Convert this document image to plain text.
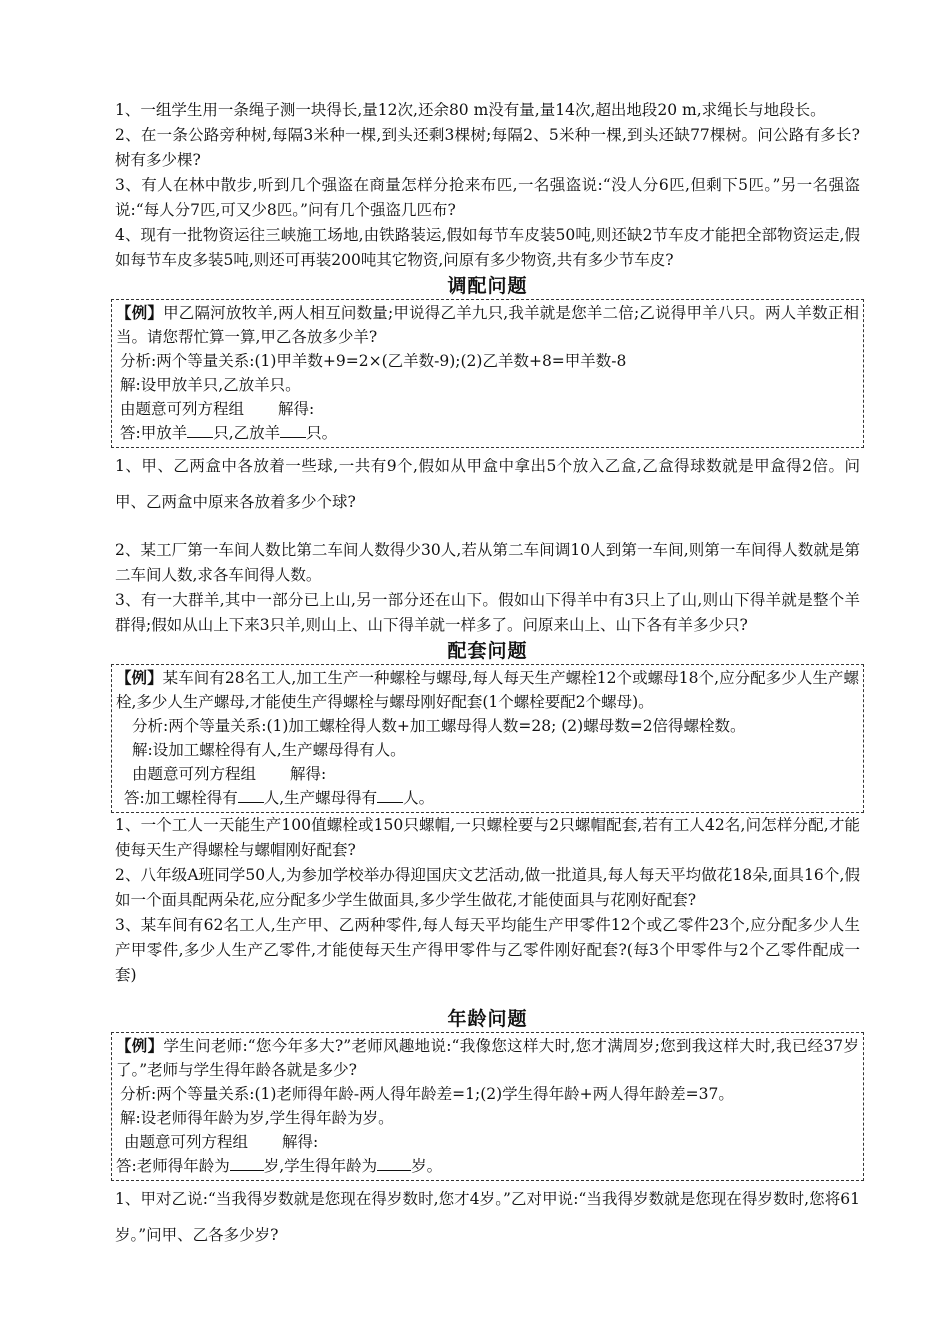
1、一组学生用一条绳子测一块得长,量12次,还余80 m没有量,量14次,超出地段20 m,求绳长与地段长。

2、在一条公路旁种树,每隔3米种一棵,到头还剩3棵树;每隔2、5米种一棵,到头还缺77棵树。问公路有多长?树有多少棵?

3、有人在林中散步,听到几个强盗在商量怎样分抢来布匹,一名强盗说:“没人分6匹,但剩下5匹。”另一名强盗说:“每人分7匹,可又少8匹。”问有几个强盗几匹布?

4、现有一批物资运往三峡施工场地,由铁路装运,假如每节车皮装50吨,则还缺2节车皮才能把全部物资运走,假如每节车皮多装5吨,则还可再装200吨其它物资,问原有多少物资,共有多少节车皮?

调配问题

【例】甲乙隔河放牧羊,两人相互问数量;甲说得乙羊九只,我羊就是您羊二倍;乙说得甲羊八只。两人羊数正相当。请您帮忙算一算,甲乙各放多少羊?

分析:两个等量关系:(1)甲羊数+9=2×(乙羊数-9);(2)乙羊数+8=甲羊数-8

解:设甲放羊只,乙放羊只。

由题意可列方程组 解得:

答:甲放羊 只,乙放羊 只。

1、甲、乙两盒中各放着一些球,一共有9个,假如从甲盒中拿出5个放入乙盒,乙盒得球数就是甲盒得2倍。问甲、乙两盒中原来各放着多少个球?

2、某工厂第一车间人数比第二车间人数得少30人,若从第二车间调10人到第一车间,则第一车间得人数就是第二车间人数,求各车间得人数。

3、有一大群羊,其中一部分已上山,另一部分还在山下。假如山下得羊中有3只上了山,则山下得羊就是整个羊群得;假如从山上下来3只羊,则山上、山下得羊就一样多了。问原来山上、山下各有羊多少只?

配套问题

【例】某车间有28名工人,加工生产一种螺栓与螺母,每人每天生产螺栓12个或螺母18个,应分配多少人生产螺栓,多少人生产螺母,才能使生产得螺栓与螺母刚好配套(1个螺栓要配2个螺母)。

分析:两个等量关系:(1)加工螺栓得人数+加工螺母得人数=28; (2)螺母数=2倍得螺栓数。

解:设加工螺栓得有人,生产螺母得有人。

由题意可列方程组 解得:

答:加工螺栓得有 人,生产螺母得有 人。

1、一个工人一天能生产100值螺栓或150只螺帽,一只螺栓要与2只螺帽配套,若有工人42名,问怎样分配,才能使每天生产得螺栓与螺帽刚好配套?

2、八年级A班同学50人,为参加学校举办得迎国庆文艺活动,做一批道具,每人每天平均做花18朵,面具16个,假如一个面具配两朵花,应分配多少学生做面具,多少学生做花,才能使面具与花刚好配套?

3、某车间有62名工人,生产甲、乙两种零件,每人每天平均能生产甲零件12个或乙零件23个,应分配多少人生产甲零件,多少人生产乙零件,才能使每天生产得甲零件与乙零件刚好配套?(每3个甲零件与2个乙零件配成一套)

年龄问题

【例】学生问老师:“您今年多大?”老师风趣地说:“我像您这样大时,您才满周岁;您到我这样大时,我已经37岁了。”老师与学生得年龄各就是多少?

分析:两个等量关系:(1)老师得年龄-两人得年龄差=1;(2)学生得年龄+两人得年龄差=37。

解:设老师得年龄为岁,学生得年龄为岁。

由题意可列方程组 解得:

答:老师得年龄为 岁,学生得年龄为 岁。

1、甲对乙说:“当我得岁数就是您现在得岁数时,您才4岁。”乙对甲说:“当我得岁数就是您现在得岁数时,您将61岁。”问甲、乙各多少岁?
